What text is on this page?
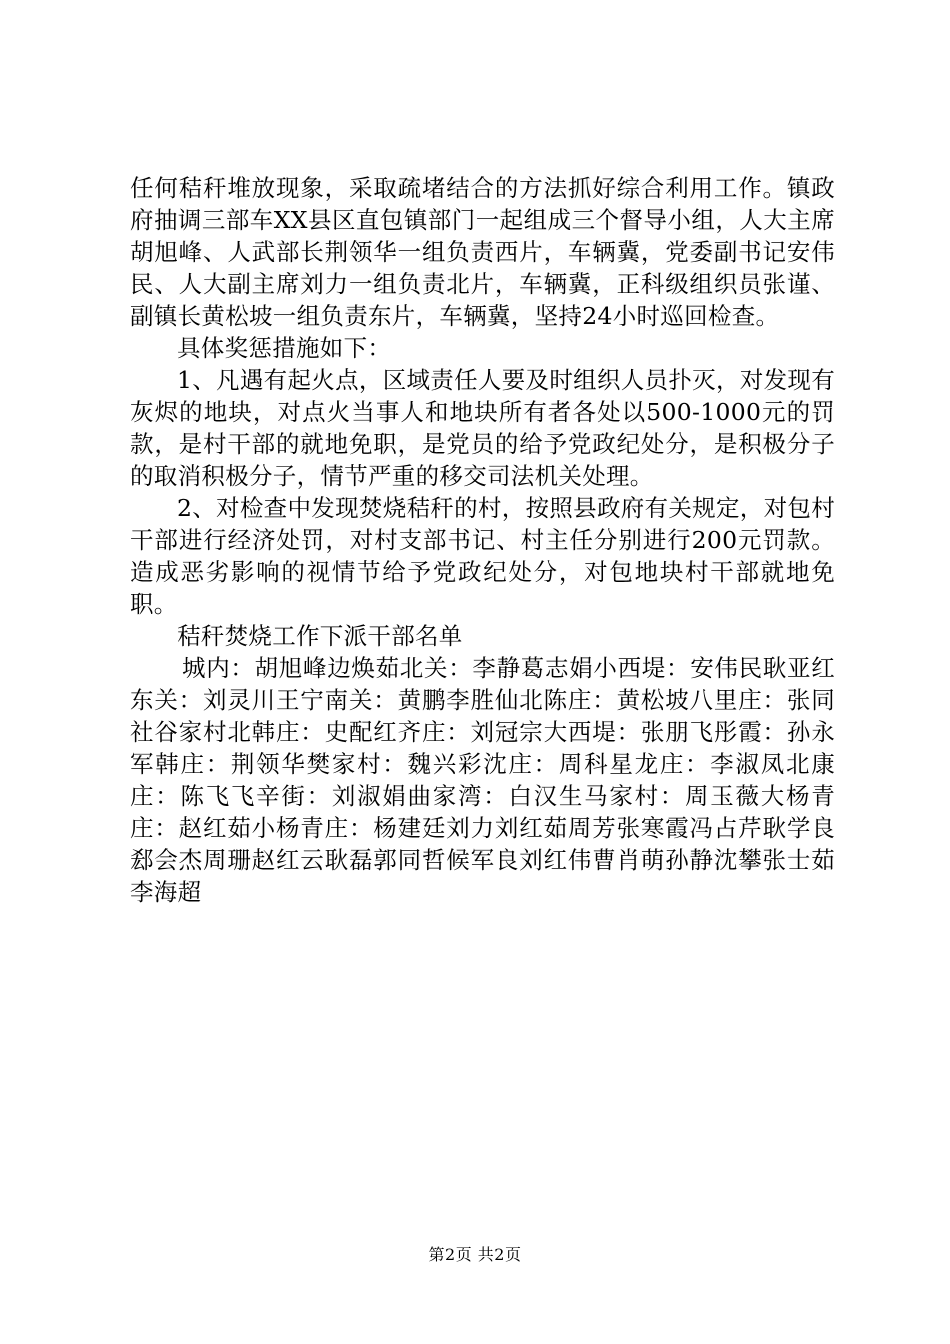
任何秸秆堆放现象，采取疏堵结合的方法抓好综合利用工作。镇政府抽调三部车XX县区直包镇部门一起组成三个督导小组，人大主席胡旭峰、人武部长荆领华一组负责西片，车辆冀，党委副书记安伟民、人大副主席刘力一组负责北片，车辆冀，正科级组织员张谨、副镇长黄松坡一组负责东片，车辆冀，坚持24小时巡回检查。

具体奖惩措施如下：

1、凡遇有起火点，区域责任人要及时组织人员扑灭，对发现有灰烬的地块，对点火当事人和地块所有者各处以500-1000元的罚款，是村干部的就地免职，是党员的给予党政纪处分，是积极分子的取消积极分子，情节严重的移交司法机关处理。

2、对检查中发现焚烧秸秆的村，按照县政府有关规定，对包村干部进行经济处罚，对村支部书记、村主任分别进行200元罚款。造成恶劣影响的视情节给予党政纪处分，对包地块村干部就地免职。

秸秆焚烧工作下派干部名单

城内：胡旭峰边焕茹北关：李静葛志娟小西堤：安伟民耿亚红东关：刘灵川王宁南关：黄鹏李胜仙北陈庄：黄松坡八里庄：张同社谷家村北韩庄：史配红齐庄：刘冠宗大西堤：张朋飞彤霞：孙永军韩庄：荆领华樊家村：魏兴彩沈庄：周科星龙庄：李淑凤北康庄：陈飞飞辛街：刘淑娟曲家湾：白汉生马家村：周玉薇大杨青庄：赵红茹小杨青庄：杨建廷刘力刘红茹周芳张寒霞冯占芹耿学良郄会杰周珊赵红云耿磊郭同哲候军良刘红伟曹肖萌孙静沈攀张士茹李海超

第2页 共2页
